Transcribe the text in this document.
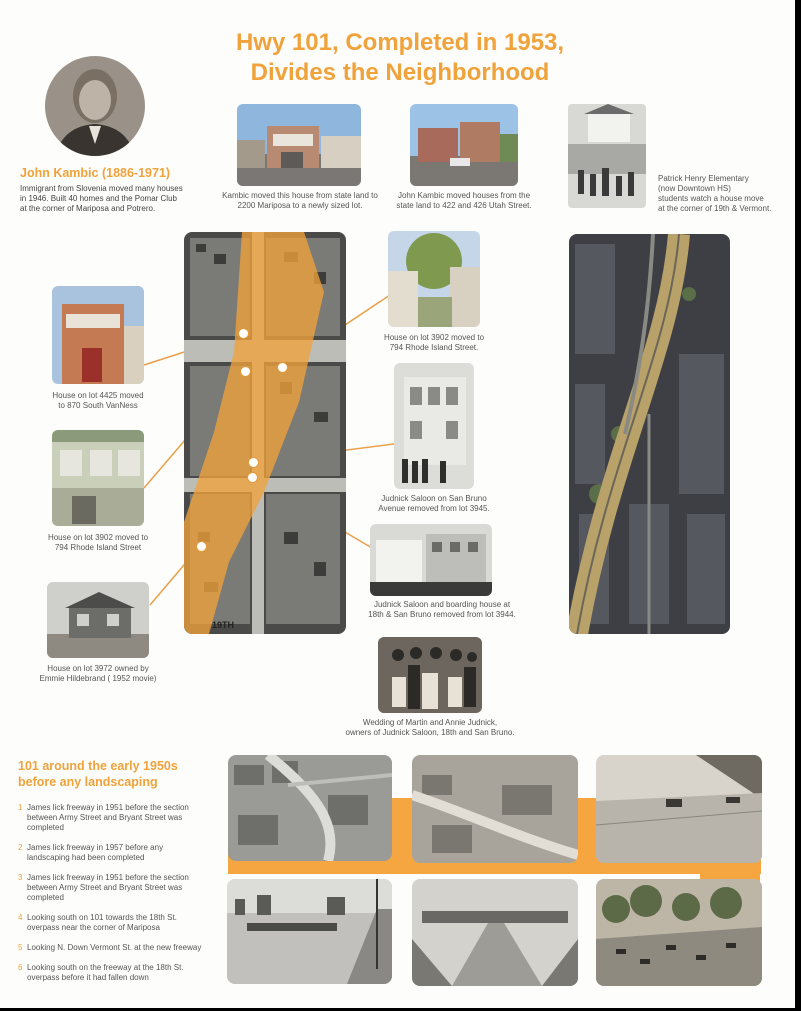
Hwy 101, Completed in 1953,
Divides the Neighborhood
John Kambic (1886-1971)
Immigrant from Slovenia moved many houses
in 1946. Built 40 homes and the Pomar Club
at the corner of Mariposa and Potrero.
Kambic moved this house from state land to
2200 Mariposa to a newly sized lot.
John Kambic moved houses from the
state land to 422 and 426 Utah Street.
Patrick Henry Elementary
(now Downtown HS)
students watch a house move
at the corner of 19th & Vermont.
19TH
House on lot 4425 moved
to 870 South VanNess
House on lot 3902 moved to
794 Rhode Island Street
House on lot 3972 owned by
Emmie Hildebrand ( 1952 movie)
House on lot 3902 moved to
794 Rhode Island Street.
Judnick Saloon on San Bruno
Avenue removed from lot 3945.
Judnick Saloon and boarding house at
18th & San Bruno removed from lot 3944.
Wedding of Martin and Annie Judnick,
owners of Judnick Saloon, 18th and San Bruno.
101 around the early 1950s
before any landscaping
1 James lick freeway in 1951 before the section
between Army Street and Bryant Street was
completed
2 James lick freeway in 1957 before any
landscaping had been completed
3 James lick freeway in 1951 before the section
between Army Street and Bryant Street was
completed
4 Looking south on 101 towards the 18th St.
overpass near the corner of Mariposa
5 Looking N. Down Vermont St. at the new freeway
6 Looking south on the freeway at the 18th St.
overpass before it had fallen down
